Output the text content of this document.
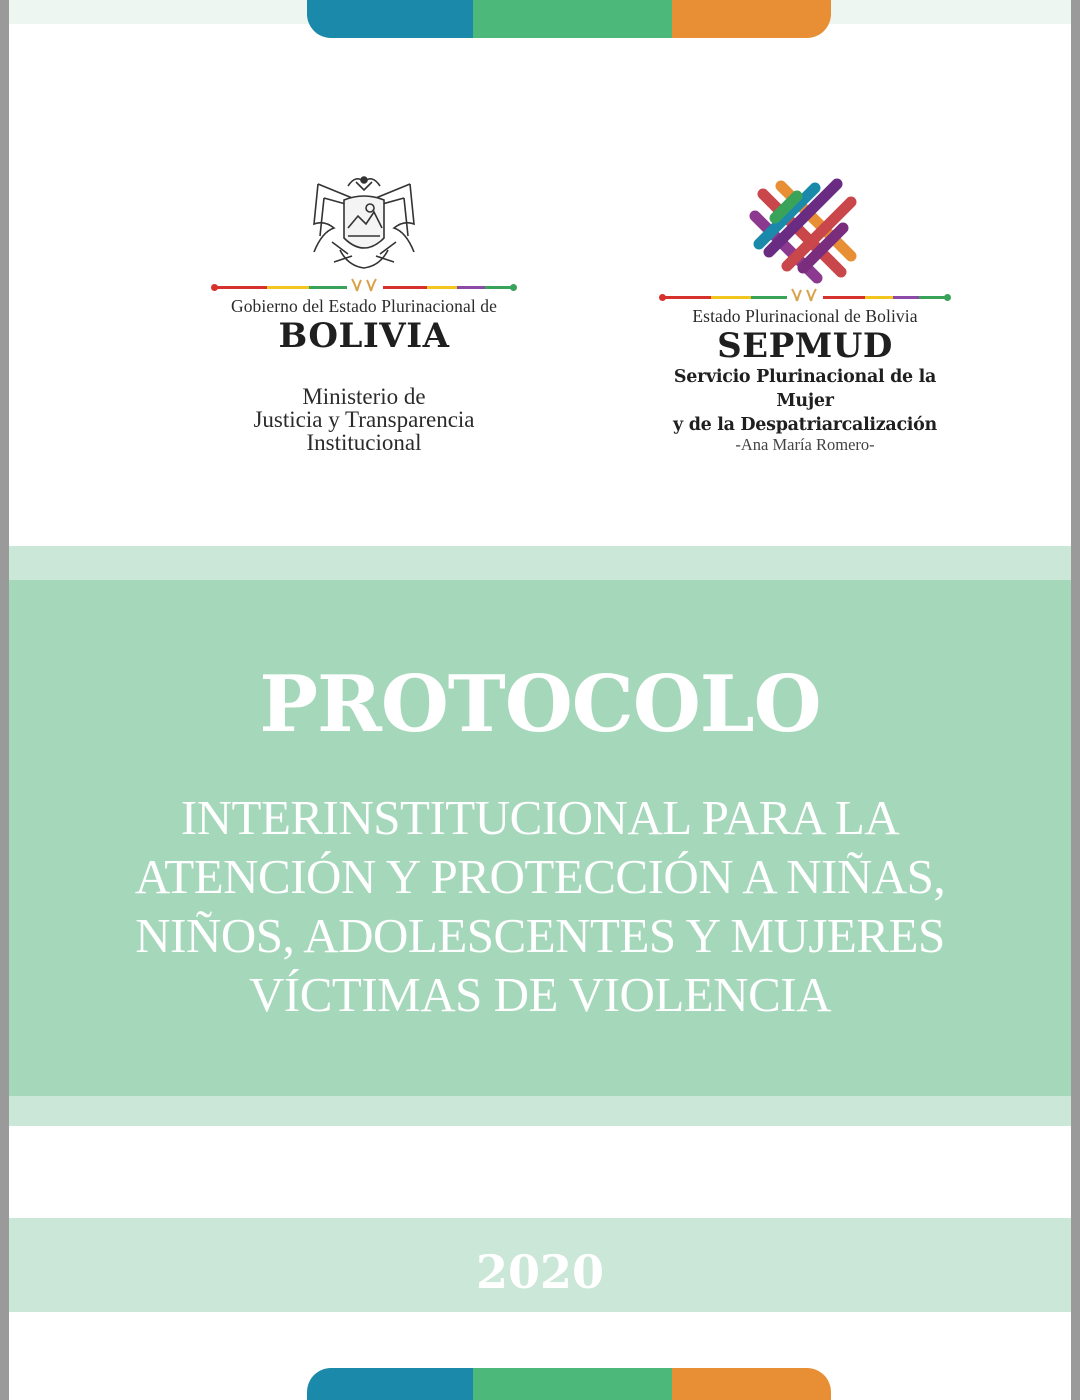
Gobierno del Estado Plurinacional de
BOLIVIA
Ministerio de
Justicia y Transparencia
Institucional
Estado Plurinacional de Bolivia
SEPMUD
Servicio Plurinacional de la Mujer
y de la Despatriarcalización
-Ana María Romero-
PROTOCOLO
INTERINSTITUCIONAL PARA LA
ATENCIÓN Y PROTECCIÓN A NIÑAS,
NIÑOS, ADOLESCENTES Y MUJERES
VÍCTIMAS DE VIOLENCIA
2020
